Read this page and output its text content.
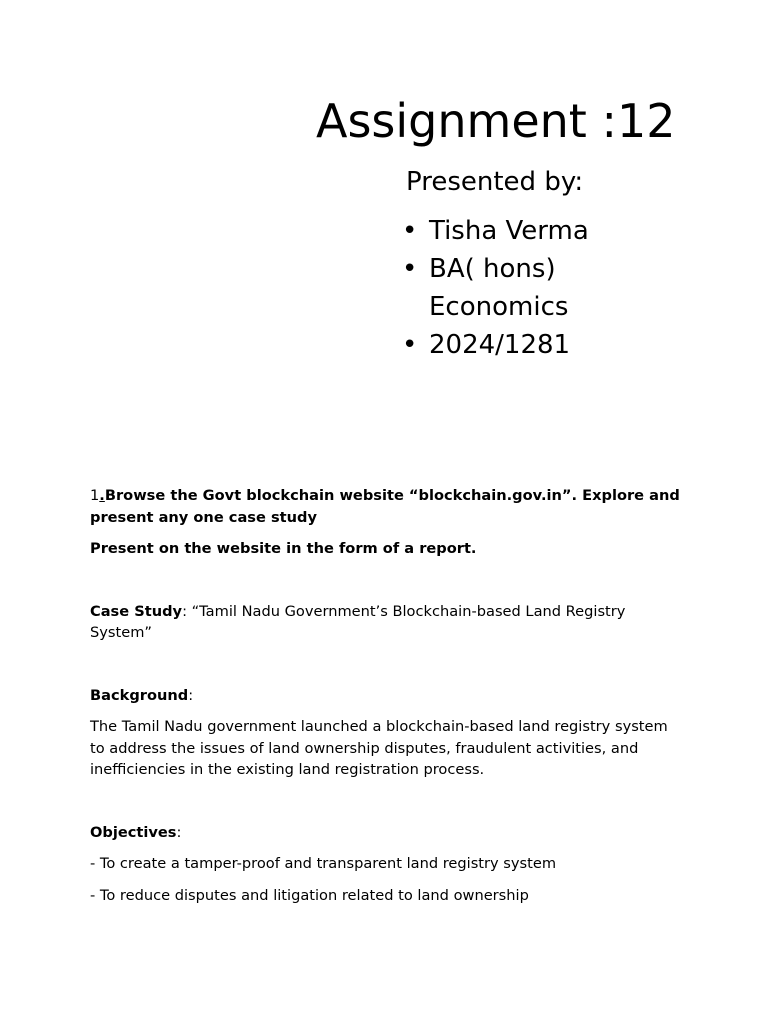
Assignment :12
Presented by:
• Tisha Verma
• BA( hons) Economics
• 2024/1281

1.Browse the Govt blockchain website “blockchain.gov.in”. Explore and present any one case study

Present on the website in the form of a report.

Case Study: “Tamil Nadu Government’s Blockchain-based Land Registry System”

Background:

The Tamil Nadu government launched a blockchain-based land registry system to address the issues of land ownership disputes, fraudulent activities, and inefficiencies in the existing land registration process.

Objectives:

- To create a tamper-proof and transparent land registry system

- To reduce disputes and litigation related to land ownership
